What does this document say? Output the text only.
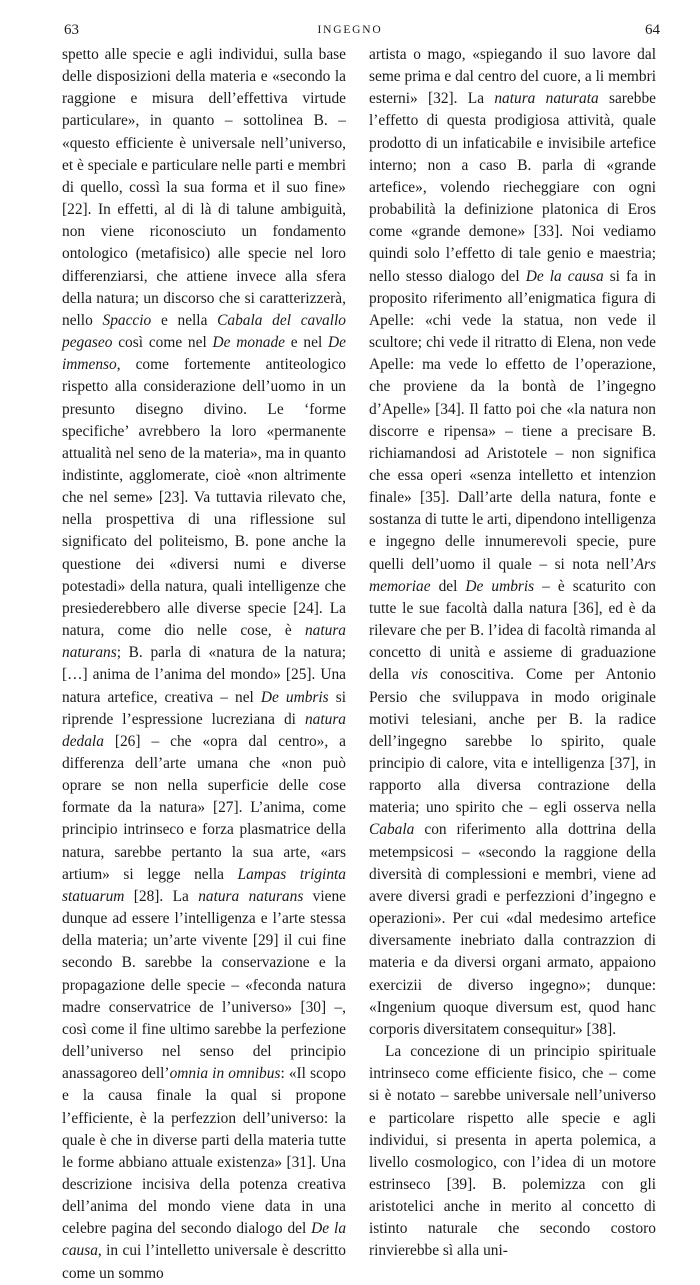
63	INGEGNO	64

spetto alle specie e agli individui, sulla base delle disposizioni della materia e «secondo la raggione e misura dell’effettiva virtude particulare», in quanto – sottolinea B. – «questo efficiente è universale nell’universo, et è speciale e particulare nelle parti e membri di quello, cossì la sua forma et il suo fine» [22]. In effetti, al di là di talune ambiguità, non viene riconosciuto un fondamento ontologico (metafisico) alle specie nel loro differenziarsi, che attiene invece alla sfera della natura; un discorso che si caratterizzerà, nello Spaccio e nella Cabala del cavallo pegaseo così come nel De monade e nel De immenso, come fortemente antiteologico rispetto alla considerazione dell’uomo in un presunto disegno divino. Le ‘forme specifiche’ avrebbero la loro «permanente attualità nel seno de la materia», ma in quanto indistinte, agglomerate, cioè «non altrimente che nel seme» [23]. Va tuttavia rilevato che, nella prospettiva di una riflessione sul significato del politeismo, B. pone anche la questione dei «diversi numi e diverse potestadi» della natura, quali intelligenze che presiederebbero alle diverse specie [24]. La natura, come dio nelle cose, è natura naturans; B. parla di «natura de la natura; […] anima de l’anima del mondo» [25]. Una natura artefice, creativa – nel De umbris si riprende l’espressione lucreziana di natura dedala [26] – che «opra dal centro», a differenza dell’arte umana che «non può oprare se non nella superficie delle cose formate da la natura» [27]. L’anima, come principio intrinseco e forza plasmatrice della natura, sarebbe pertanto la sua arte, «ars artium» si legge nella Lampas triginta statuarum [28]. La natura naturans viene dunque ad essere l’intelligenza e l’arte stessa della materia; un’arte vivente [29] il cui fine secondo B. sarebbe la conservazione e la propagazione delle specie – «feconda natura madre conservatrice de l’universo» [30] –, così come il fine ultimo sarebbe la perfezione dell’universo nel senso del principio anassagoreo dell’omnia in omnibus: «Il scopo e la causa finale la qual si propone l’efficiente, è la perfezzion dell’universo: la quale è che in diverse parti della materia tutte le forme abbiano attuale existenza» [31]. Una descrizione incisiva della potenza creativa dell’anima del mondo viene data in una celebre pagina del secondo dialogo del De la causa, in cui l’intelletto universale è descritto come un sommo

artista o mago, «spiegando il suo lavore dal seme prima e dal centro del cuore, a li membri esterni» [32]. La natura naturata sarebbe l’effetto di questa prodigiosa attività, quale prodotto di un infaticabile e invisibile artefice interno; non a caso B. parla di «grande artefice», volendo riecheggiare con ogni probabilità la definizione platonica di Eros come «grande demone» [33]. Noi vediamo quindi solo l’effetto di tale genio e maestria; nello stesso dialogo del De la causa si fa in proposito riferimento all’enigmatica figura di Apelle: «chi vede la statua, non vede il scultore; chi vede il ritratto di Elena, non vede Apelle: ma vede lo effetto de l’operazione, che proviene da la bontà de l’ingegno d’Apelle» [34]. Il fatto poi che «la natura non discorre e ripensa» – tiene a precisare B. richiamandosi ad Aristotele – non significa che essa operi «senza intelletto et intenzion finale» [35]. Dall’arte della natura, fonte e sostanza di tutte le arti, dipendono intelligenza e ingegno delle innumerevoli specie, pure quelli dell’uomo il quale – si nota nell’Ars memoriae del De umbris – è scaturito con tutte le sue facoltà dalla natura [36], ed è da rilevare che per B. l’idea di facoltà rimanda al concetto di unità e assieme di graduazione della vis conoscitiva. Come per Antonio Persio che sviluppava in modo originale motivi telesiani, anche per B. la radice dell’ingegno sarebbe lo spirito, quale principio di calore, vita e intelligenza [37], in rapporto alla diversa contrazione della materia; uno spirito che – egli osserva nella Cabala con riferimento alla dottrina della metempsicosi – «secondo la raggione della diversità di complessioni e membri, viene ad avere diversi gradi e perfezzioni d’ingegno e operazioni». Per cui «dal medesimo artefice diversamente inebriato dalla contrazzion di materia e da diversi organi armato, appaiono exercizii de diverso ingegno»; dunque: «Ingenium quoque diversum est, quod hanc corporis diversitatem consequitur» [38].

La concezione di un principio spirituale intrinseco come efficiente fisico, che – come si è notato – sarebbe universale nell’universo e particolare rispetto alle specie e agli individui, si presenta in aperta polemica, a livello cosmologico, con l’idea di un motore estrinseco [39]. B. polemizza con gli aristotelici anche in merito al concetto di istinto naturale che secondo costoro rinvierebbe sì alla uni-
